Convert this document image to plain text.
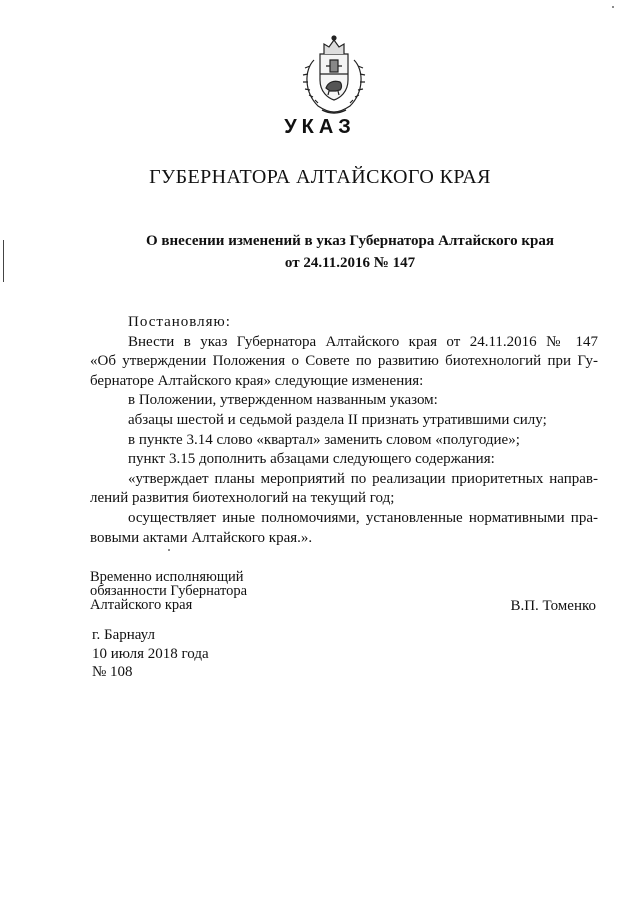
УКАЗ
ГУБЕРНАТОРА АЛТАЙСКОГО КРАЯ
О внесении изменений в указ Губернатора Алтайского края
от 24.11.2016 № 147
Постановляю:
Внести в указ Губернатора Алтайского края от 24.11.2016 № 147
«Об утверждении Положения о Совете по развитию биотехнологий при Гу-
бернаторе Алтайского края» следующие изменения:
в Положении, утвержденном названным указом:
абзацы шестой и седьмой раздела II признать утратившими силу;
в пункте 3.14 слово «квартал» заменить словом «полугодие»;
пункт 3.15 дополнить абзацами следующего содержания:
«утверждает планы мероприятий по реализации приоритетных направ-
лений развития биотехнологий на текущий год;
осуществляет иные полномочиями, установленные нормативными пра-
вовыми актами Алтайского края.».
Временно исполняющий
обязанности Губернатора
Алтайского края	В.П. Томенко
г. Барнаул
10 июля 2018 года
№ 108
